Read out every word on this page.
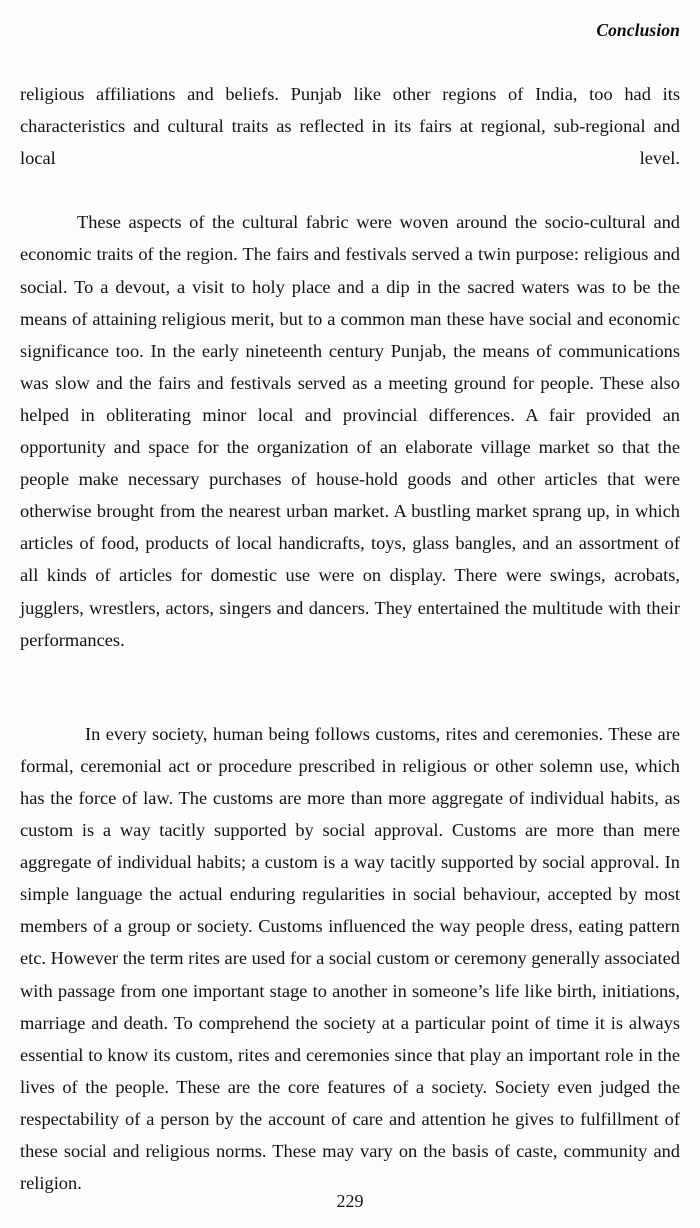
Conclusion

religious affiliations and beliefs. Punjab like other regions of India, too had its characteristics and cultural traits as reflected in its fairs at regional, sub-regional and local level.

These aspects of the cultural fabric were woven around the socio-cultural and economic traits of the region. The fairs and festivals served a twin purpose: religious and social. To a devout, a visit to holy place and a dip in the sacred waters was to be the means of attaining religious merit, but to a common man these have social and economic significance too. In the early nineteenth century Punjab, the means of communications was slow and the fairs and festivals served as a meeting ground for people. These also helped in obliterating minor local and provincial differences. A fair provided an opportunity and space for the organization of an elaborate village market so that the people make necessary purchases of house-hold goods and other articles that were otherwise brought from the nearest urban market. A bustling market sprang up, in which articles of food, products of local handicrafts, toys, glass bangles, and an assortment of all kinds of articles for domestic use were on display. There were swings, acrobats, jugglers, wrestlers, actors, singers and dancers. They entertained the multitude with their performances.

In every society, human being follows customs, rites and ceremonies. These are formal, ceremonial act or procedure prescribed in religious or other solemn use, which has the force of law. The customs are more than more aggregate of individual habits, as custom is a way tacitly supported by social approval. Customs are more than mere aggregate of individual habits; a custom is a way tacitly supported by social approval. In simple language the actual enduring regularities in social behaviour, accepted by most members of a group or society. Customs influenced the way people dress, eating pattern etc. However the term rites are used for a social custom or ceremony generally associated with passage from one important stage to another in someone’s life like birth, initiations, marriage and death. To comprehend the society at a particular point of time it is always essential to know its custom, rites and ceremonies since that play an important role in the lives of the people. These are the core features of a society. Society even judged the respectability of a person by the account of care and attention he gives to fulfillment of these social and religious norms. These may vary on the basis of caste, community and religion.

229
